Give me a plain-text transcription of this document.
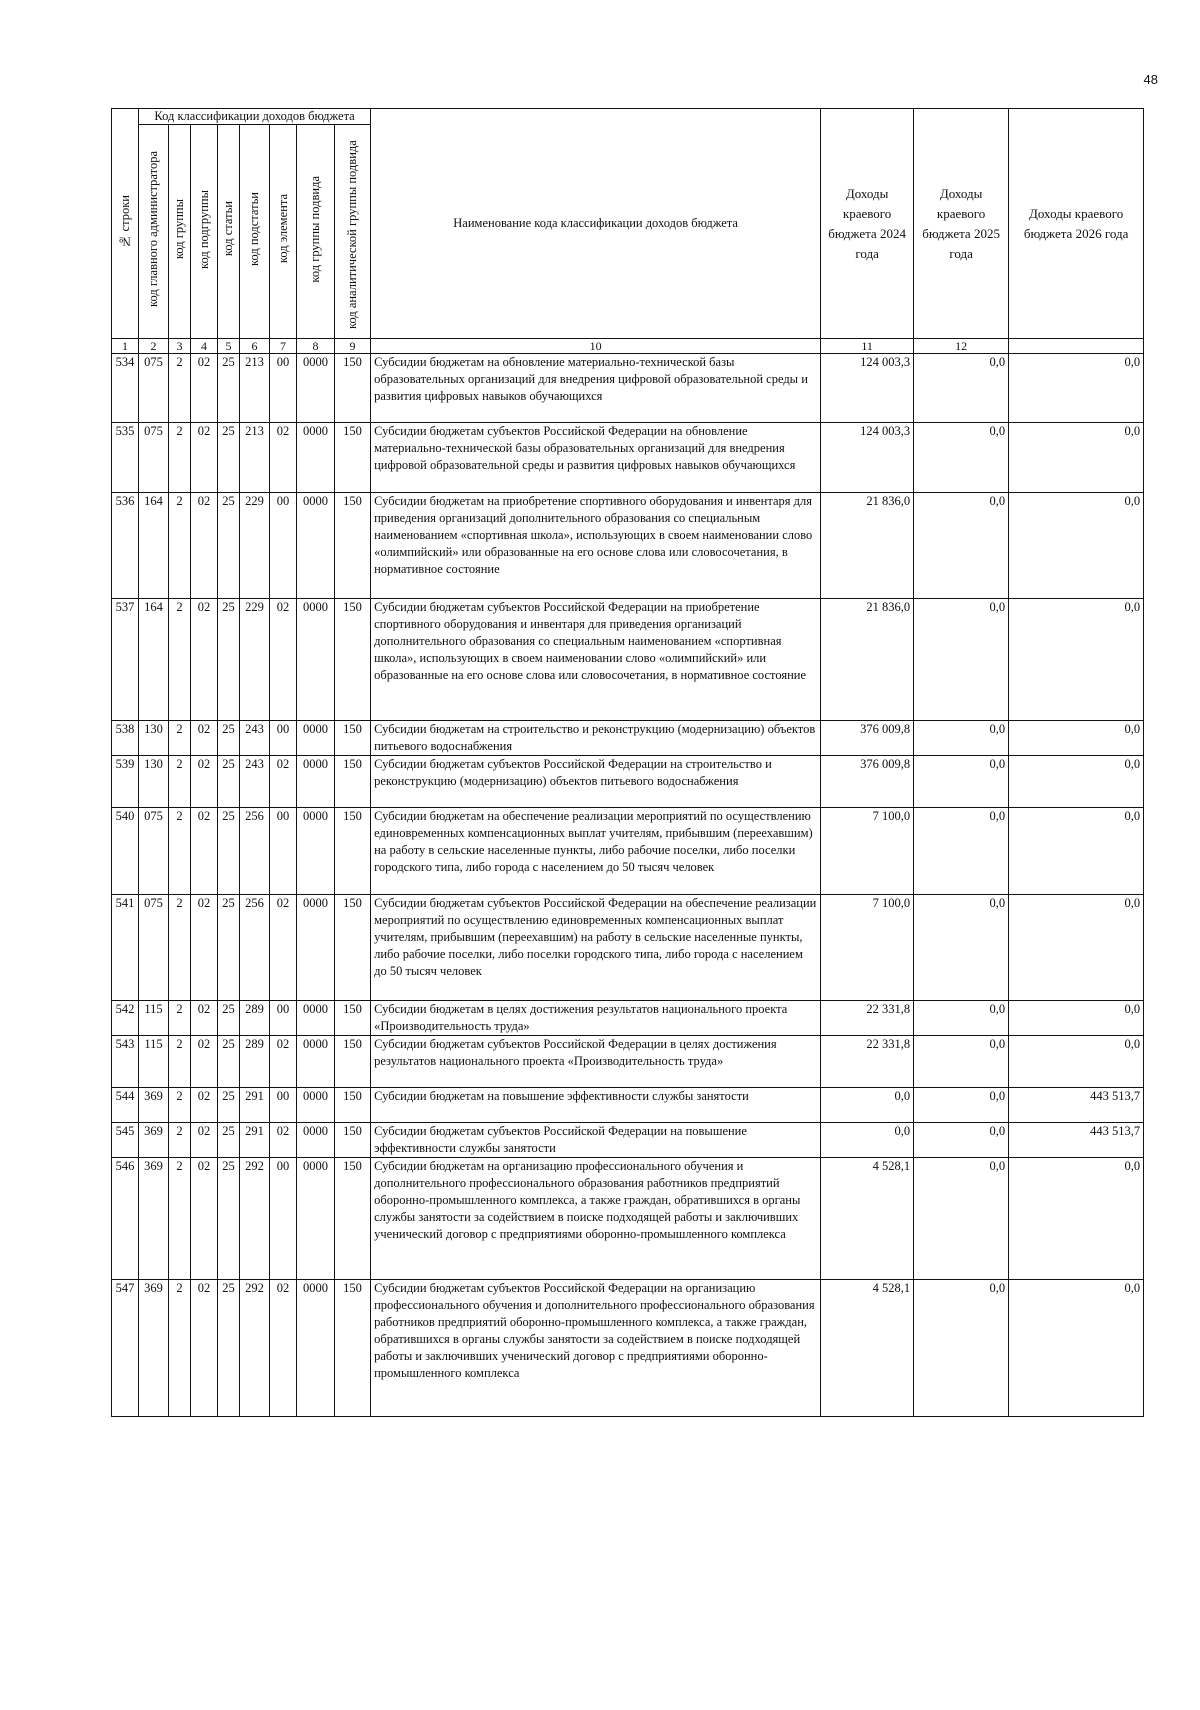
48
№ строки	Код классификации доходов бюджета								Наименование кода классификации доходов бюджета	Доходы краевого бюджета 2024 года	Доходы краевого бюджета 2025 года	Доходы краевого бюджета 2026 года
	код главного администратора	код группы	код подгруппы	код статьи	код подстатьи	код элемента	код группы подвида	код аналитической группы подвида				
1	2	3	4	5	6	7	8	9	10	11	12	
534	075	2	02	25	213	00	0000	150	Субсидии бюджетам на обновление материально-технической базы образовательных организаций для внедрения цифровой образовательной среды и развития цифровых навыков обучающихся	124 003,3	0,0	0,0
535	075	2	02	25	213	02	0000	150	Субсидии бюджетам субъектов Российской Федерации на обновление материально-технической базы образовательных организаций для внедрения цифровой образовательной среды и развития цифровых навыков обучающихся	124 003,3	0,0	0,0
536	164	2	02	25	229	00	0000	150	Субсидии бюджетам на приобретение спортивного оборудования и инвентаря для приведения организаций дополнительного образования со специальным наименованием «спортивная школа», использующих в своем наименовании слово «олимпийский» или образованные на его основе слова или словосочетания, в нормативное состояние	21 836,0	0,0	0,0
537	164	2	02	25	229	02	0000	150	Субсидии бюджетам субъектов Российской Федерации на приобретение спортивного оборудования и инвентаря для приведения организаций дополнительного образования со специальным наименованием «спортивная школа», использующих в своем наименовании слово «олимпийский» или образованные на его основе слова или словосочетания, в нормативное состояние	21 836,0	0,0	0,0
538	130	2	02	25	243	00	0000	150	Субсидии бюджетам на строительство и реконструкцию (модернизацию) объектов питьевого водоснабжения	376 009,8	0,0	0,0
539	130	2	02	25	243	02	0000	150	Субсидии бюджетам субъектов Российской Федерации на строительство и реконструкцию (модернизацию) объектов питьевого водоснабжения	376 009,8	0,0	0,0
540	075	2	02	25	256	00	0000	150	Субсидии бюджетам на обеспечение реализации мероприятий по осуществлению единовременных компенсационных выплат учителям, прибывшим (переехавшим) на работу в сельские населенные пункты, либо рабочие поселки, либо поселки городского типа, либо города с населением до 50 тысяч человек	7 100,0	0,0	0,0
541	075	2	02	25	256	02	0000	150	Субсидии бюджетам субъектов Российской Федерации на обеспечение реализации мероприятий по осуществлению единовременных компенсационных выплат учителям, прибывшим (переехавшим) на работу в сельские населенные пункты, либо рабочие поселки, либо поселки городского типа, либо города с населением до 50 тысяч человек	7 100,0	0,0	0,0
542	115	2	02	25	289	00	0000	150	Субсидии бюджетам в целях достижения результатов национального проекта «Производительность труда»	22 331,8	0,0	0,0
543	115	2	02	25	289	02	0000	150	Субсидии бюджетам субъектов Российской Федерации в целях достижения результатов национального проекта «Производительность труда»	22 331,8	0,0	0,0
544	369	2	02	25	291	00	0000	150	Субсидии бюджетам на повышение эффективности службы занятости	0,0	0,0	443 513,7
545	369	2	02	25	291	02	0000	150	Субсидии бюджетам субъектов Российской Федерации на повышение эффективности службы занятости	0,0	0,0	443 513,7
546	369	2	02	25	292	00	0000	150	Субсидии бюджетам на организацию профессионального обучения и дополнительного профессионального образования работников предприятий оборонно-промышленного комплекса, а также граждан, обратившихся в органы службы занятости за содействием в поиске подходящей работы и заключивших ученический договор с предприятиями оборонно-промышленного комплекса	4 528,1	0,0	0,0
547	369	2	02	25	292	02	0000	150	Субсидии бюджетам субъектов Российской Федерации на организацию профессионального обучения и дополнительного профессионального образования работников предприятий оборонно-промышленного комплекса, а также граждан, обратившихся в органы службы занятости за содействием в поиске подходящей работы и заключивших ученический договор с предприятиями оборонно-промышленного комплекса	4 528,1	0,0	0,0
